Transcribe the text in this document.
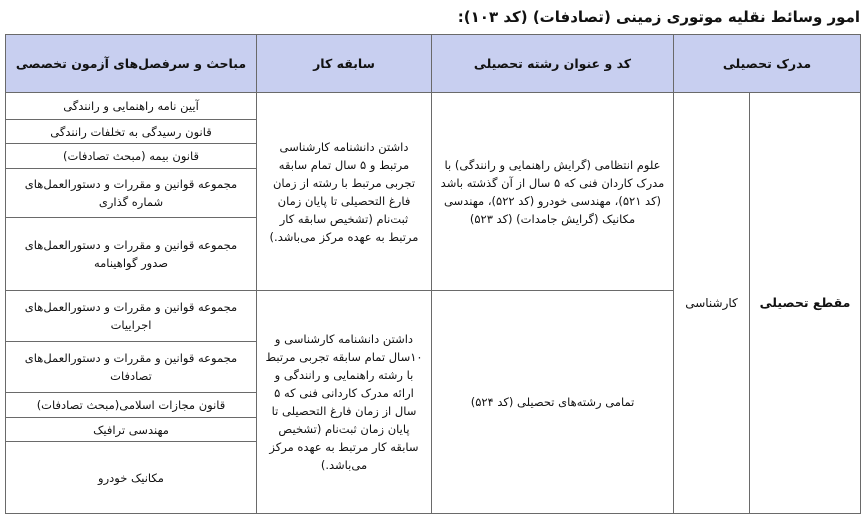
امور وسائط نقلیه موتوری زمینی (تصادفات) (کد ۱۰۳):
مدرک تحصیلی		کد و عنوان رشته تحصیلی	سابقه کار	مباحث و سرفصل‌های آزمون تخصصی
مقطع تحصیلی	کارشناسی	علوم انتظامی (گرایش راهنمایی و رانندگی) با مدرک کاردان فنی که ۵ سال از آن گذشته باشد (کد ۵۲۱)، مهندسی خودرو (کد ۵۲۲)، مهندسی مکانیک (گرایش جامدات) (کد ۵۲۳)	داشتن دانشنامه کارشناسی مرتبط و ۵ سال تمام سابقه تجربی مرتبط با رشته از زمان فارغ التحصیلی تا پایان زمان ثبت‌نام (تشخیص سابقه کار مرتبط به عهده مرکز می‌باشد.)	آیین نامه راهنمایی و رانندگی
				قانون رسیدگی به تخلفات رانندگی
				قانون بیمه (مبحث تصادفات)
				مجموعه قوانین و مقررات و دستورالعمل‌های شماره گذاری
				مجموعه قوانین و مقررات و دستورالعمل‌های صدور گواهینامه
		تمامی رشته‌های تحصیلی (کد ۵۲۴)	داشتن دانشنامه کارشناسی و ۱۰سال تمام سابقه تجربی مرتبط با رشته راهنمایی و رانندگی و ارائه مدرک کاردانی فنی که ۵ سال از زمان فارغ التحصیلی تا پایان زمان ثبت‌نام (تشخیص سابقه کار مرتبط به عهده مرکز می‌باشد.)	مجموعه قوانین و مقررات و دستورالعمل‌های اجراییات
				مجموعه قوانین و مقررات و دستورالعمل‌های تصادفات
				قانون مجازات اسلامی(مبحث تصادفات)
				مهندسی ترافیک
				مکانیک خودرو
